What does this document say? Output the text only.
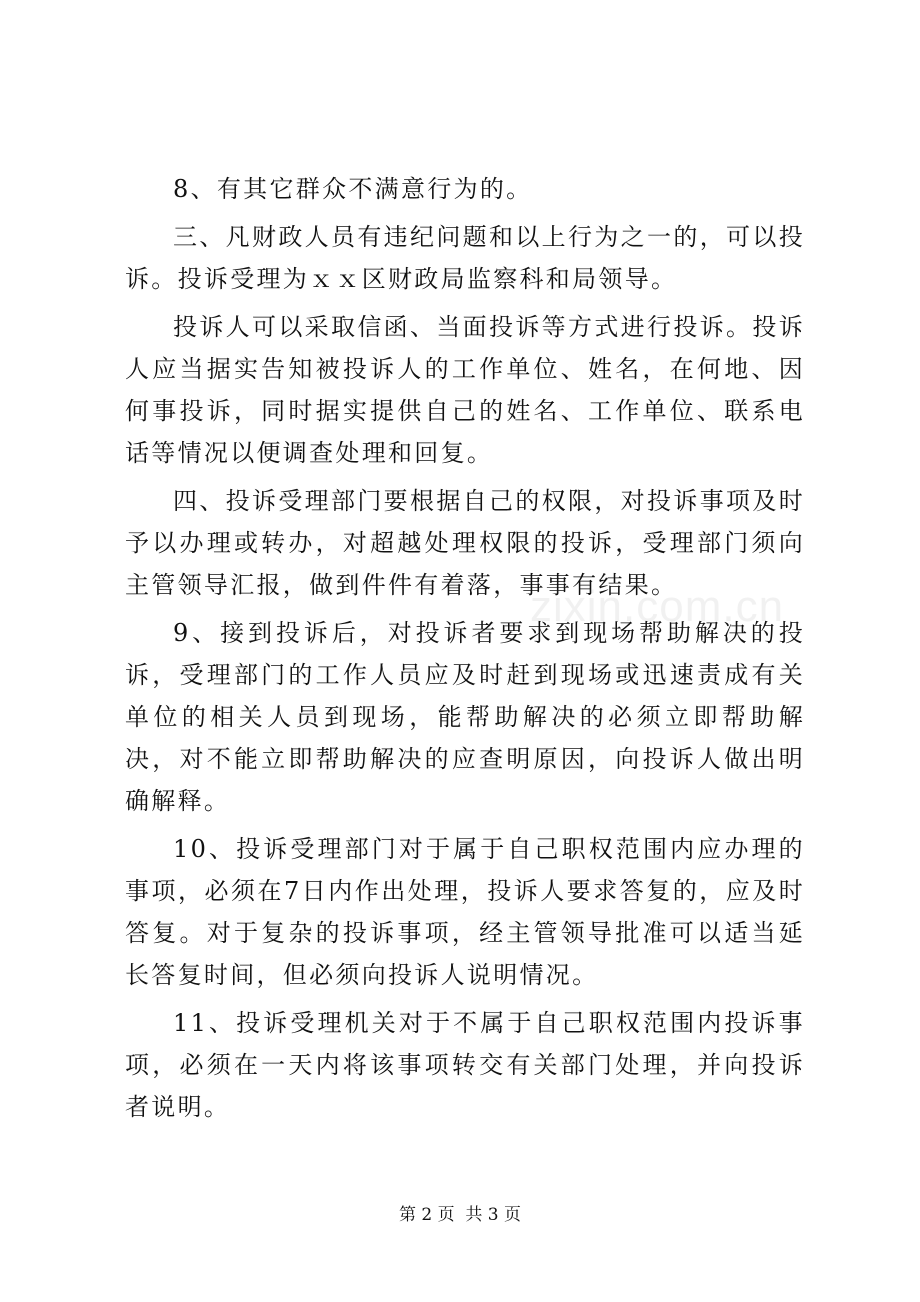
8、有其它群众不满意行为的。

三、凡财政人员有违纪问题和以上行为之一的，可以投诉。投诉受理为ｘｘ区财政局监察科和局领导。

投诉人可以采取信函、当面投诉等方式进行投诉。投诉人应当据实告知被投诉人的工作单位、姓名，在何地、因何事投诉，同时据实提供自己的姓名、工作单位、联系电话等情况以便调查处理和回复。

四、投诉受理部门要根据自己的权限，对投诉事项及时予以办理或转办，对超越处理权限的投诉，受理部门须向主管领导汇报，做到件件有着落，事事有结果。

9、接到投诉后，对投诉者要求到现场帮助解决的投诉，受理部门的工作人员应及时赶到现场或迅速责成有关单位的相关人员到现场，能帮助解决的必须立即帮助解决，对不能立即帮助解决的应查明原因，向投诉人做出明确解释。

10、投诉受理部门对于属于自己职权范围内应办理的事项，必须在7日内作出处理，投诉人要求答复的，应及时答复。对于复杂的投诉事项，经主管领导批准可以适当延长答复时间，但必须向投诉人说明情况。

11、投诉受理机关对于不属于自己职权范围内投诉事项，必须在一天内将该事项转交有关部门处理，并向投诉者说明。

zixin.com.cn
第 2 页  共 3 页
